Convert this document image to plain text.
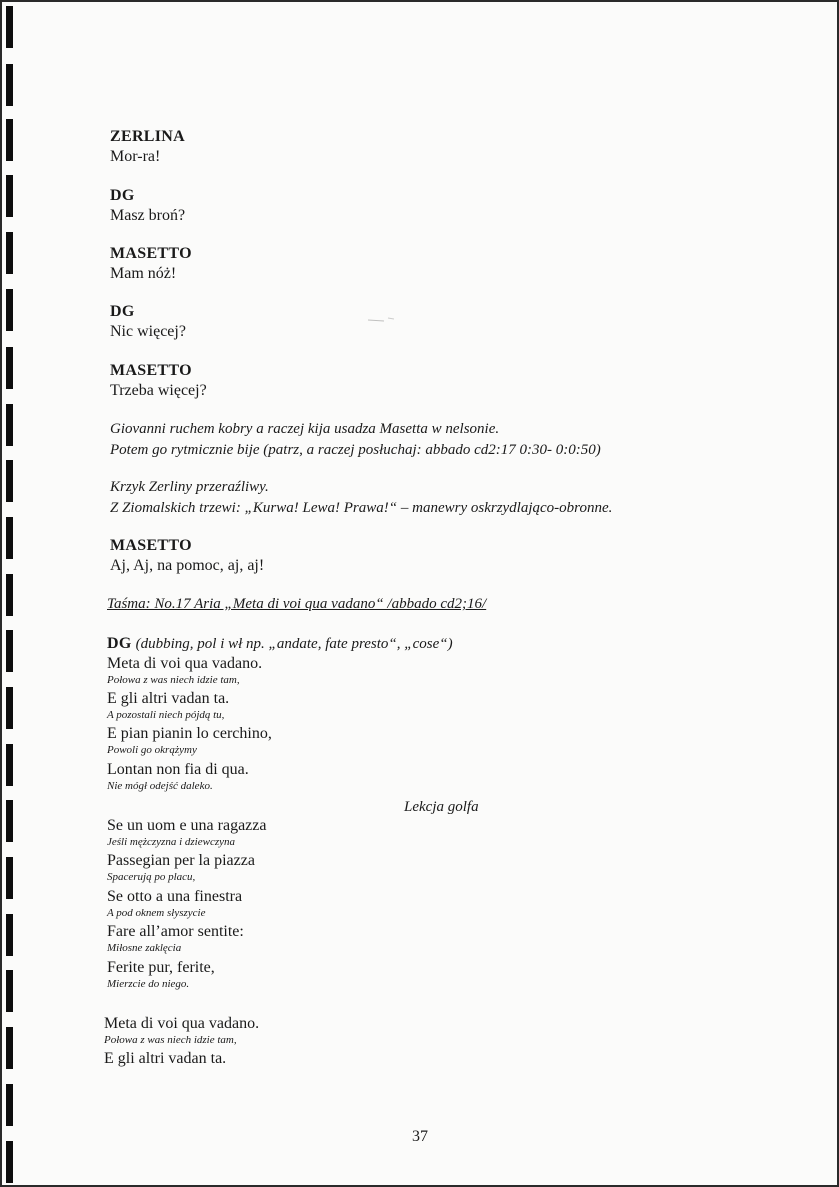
ZERLINA
Mor-ra!
DG
Masz broń?
MASETTO
Mam nóż!
DG
Nic więcej?
MASETTO
Trzeba więcej?
Giovanni ruchem kobry a raczej kija usadza Masetta w nelsonie.
Potem go rytmicznie bije (patrz, a raczej posłuchaj: abbado cd2:17 0:30- 0:0:50)
Krzyk Zerliny przeraźliwy.
Z Ziomalskich trzewi: „Kurwa! Lewa! Prawa!“ – manewry oskrzydlająco-obronne.
MASETTO
Aj, Aj, na pomoc, aj, aj!
Taśma: No.17 Aria „Meta di voi qua vadano“ /abbado cd2;16/
DG (dubbing, pol i wł np. „andate, fate presto“, „cose“)
Meta di voi qua vadano.
Połowa z was niech idzie tam,
E gli altri vadan ta.
A pozostali niech pójdą tu,
E pian pianin lo cerchino,
Powoli go okrążymy
Lontan non fia di qua.
Nie mógł odejść daleko.
Lekcja golfa
Se un uom e una ragazza
Jeśli mężczyzna i dziewczyna
Passegian per la piazza
Spacerują po placu,
Se otto a una finestra
A pod oknem słyszycie
Fare all’amor sentite:
Miłosne zaklęcia
Ferite pur, ferite,
Mierzcie do niego.
Meta di voi qua vadano.
Połowa z was niech idzie tam,
E gli altri vadan ta.
37
